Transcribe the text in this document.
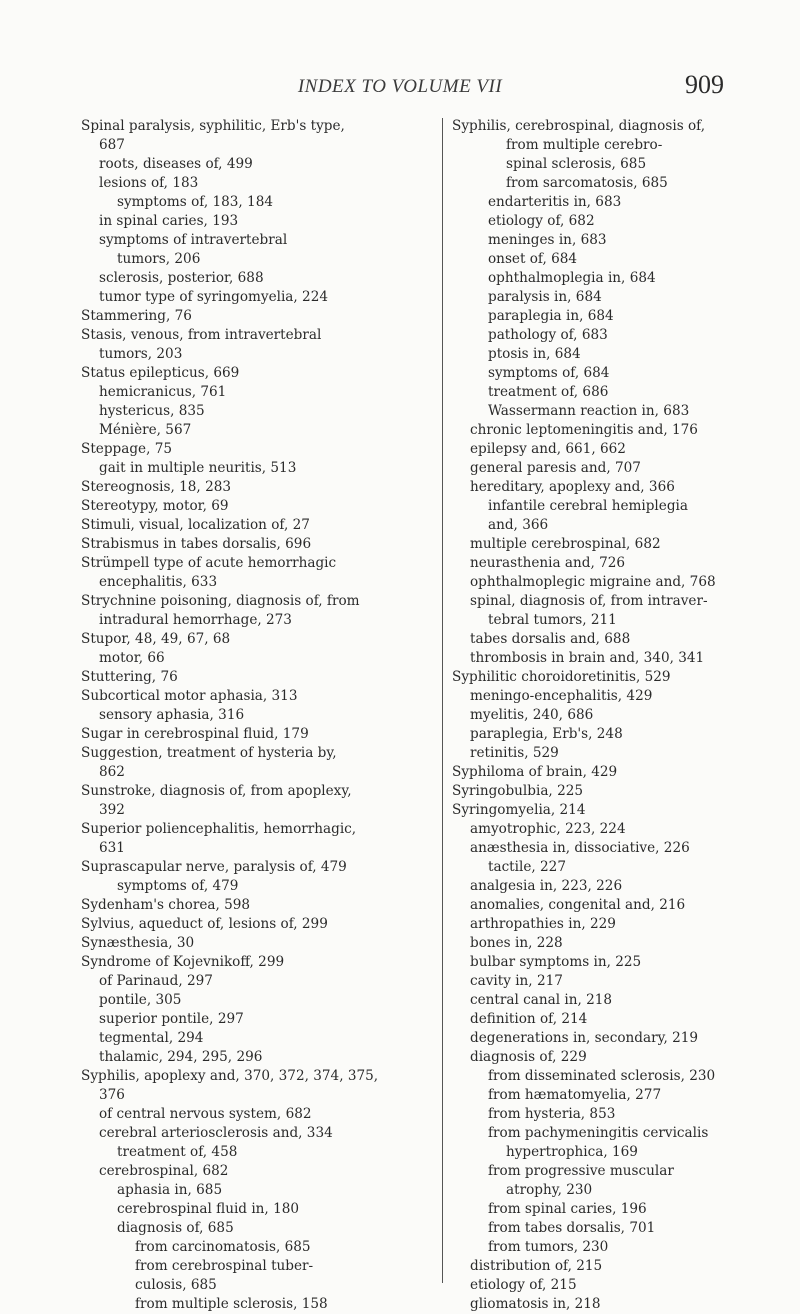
INDEX TO VOLUME VII	909
Spinal paralysis, syphilitic, Erb's type,
687
roots, diseases of, 499
lesions of, 183
symptoms of, 183, 184
in spinal caries, 193
symptoms of intravertebral
tumors, 206
sclerosis, posterior, 688
tumor type of syringomyelia, 224
Stammering, 76
Stasis, venous, from intravertebral
tumors, 203
Status epilepticus, 669
hemicranicus, 761
hystericus, 835
Ménière, 567
Steppage, 75
gait in multiple neuritis, 513
Stereognosis, 18, 283
Stereotypy, motor, 69
Stimuli, visual, localization of, 27
Strabismus in tabes dorsalis, 696
Strümpell type of acute hemorrhagic
encephalitis, 633
Strychnine poisoning, diagnosis of, from
intradural hemorrhage, 273
Stupor, 48, 49, 67, 68
motor, 66
Stuttering, 76
Subcortical motor aphasia, 313
sensory aphasia, 316
Sugar in cerebrospinal fluid, 179
Suggestion, treatment of hysteria by,
862
Sunstroke, diagnosis of, from apoplexy,
392
Superior poliencephalitis, hemorrhagic,
631
Suprascapular nerve, paralysis of, 479
symptoms of, 479
Sydenham's chorea, 598
Sylvius, aqueduct of, lesions of, 299
Synæsthesia, 30
Syndrome of Kojevnikoff, 299
of Parinaud, 297
pontile, 305
superior pontile, 297
tegmental, 294
thalamic, 294, 295, 296
Syphilis, apoplexy and, 370, 372, 374, 375,
376
of central nervous system, 682
cerebral arteriosclerosis and, 334
treatment of, 458
cerebrospinal, 682
aphasia in, 685
cerebrospinal fluid in, 180
diagnosis of, 685
from carcinomatosis, 685
from cerebrospinal tuber-
culosis, 685
from multiple sclerosis, 158
Syphilis, cerebrospinal, diagnosis of,
from multiple cerebro-
spinal sclerosis, 685
from sarcomatosis, 685
endarteritis in, 683
etiology of, 682
meninges in, 683
onset of, 684
ophthalmoplegia in, 684
paralysis in, 684
paraplegia in, 684
pathology of, 683
ptosis in, 684
symptoms of, 684
treatment of, 686
Wassermann reaction in, 683
chronic leptomeningitis and, 176
epilepsy and, 661, 662
general paresis and, 707
hereditary, apoplexy and, 366
infantile cerebral hemiplegia
and, 366
multiple cerebrospinal, 682
neurasthenia and, 726
ophthalmoplegic migraine and, 768
spinal, diagnosis of, from intraver-
tebral tumors, 211
tabes dorsalis and, 688
thrombosis in brain and, 340, 341
Syphilitic choroidoretinitis, 529
meningo-encephalitis, 429
myelitis, 240, 686
paraplegia, Erb's, 248
retinitis, 529
Syphiloma of brain, 429
Syringobulbia, 225
Syringomyelia, 214
amyotrophic, 223, 224
anæsthesia in, dissociative, 226
tactile, 227
analgesia in, 223, 226
anomalies, congenital and, 216
arthropathies in, 229
bones in, 228
bulbar symptoms in, 225
cavity in, 217
central canal in, 218
definition of, 214
degenerations in, secondary, 219
diagnosis of, 229
from disseminated sclerosis, 230
from hæmatomyelia, 277
from hysteria, 853
from pachymeningitis cervicalis
hypertrophica, 169
from progressive muscular
atrophy, 230
from spinal caries, 196
from tabes dorsalis, 701
from tumors, 230
distribution of, 215
etiology of, 215
gliomatosis in, 218
